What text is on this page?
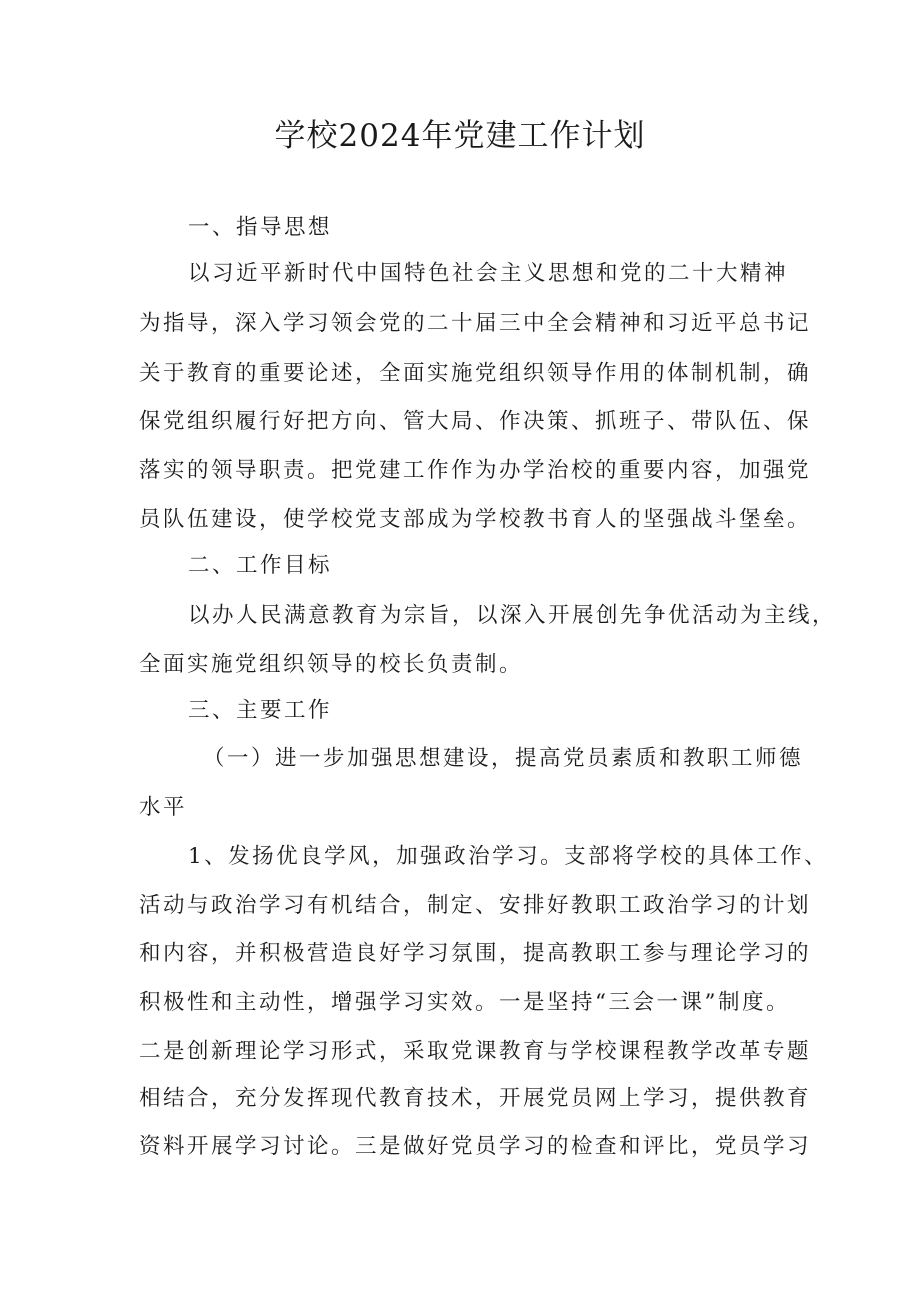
学校2024年党建工作计划
一、指导思想
以习近平新时代中国特色社会主义思想和党的二十大精神
为指导，深入学习领会党的二十届三中全会精神和习近平总书记
关于教育的重要论述，全面实施党组织领导作用的体制机制，确
保党组织履行好把方向、管大局、作决策、抓班子、带队伍、保
落实的领导职责。把党建工作作为办学治校的重要内容，加强党
员队伍建设，使学校党支部成为学校教书育人的坚强战斗堡垒。
二、工作目标
以办人民满意教育为宗旨，以深入开展创先争优活动为主线，
全面实施党组织领导的校长负责制。
三、主要工作
（一）进一步加强思想建设，提高党员素质和教职工师德
水平
1、发扬优良学风，加强政治学习。支部将学校的具体工作、
活动与政治学习有机结合，制定、安排好教职工政治学习的计划
和内容，并积极营造良好学习氛围，提高教职工参与理论学习的
积极性和主动性，增强学习实效。一是坚持“三会一课”制度。
二是创新理论学习形式，采取党课教育与学校课程教学改革专题
相结合，充分发挥现代教育技术，开展党员网上学习，提供教育
资料开展学习讨论。三是做好党员学习的检查和评比，党员学习
